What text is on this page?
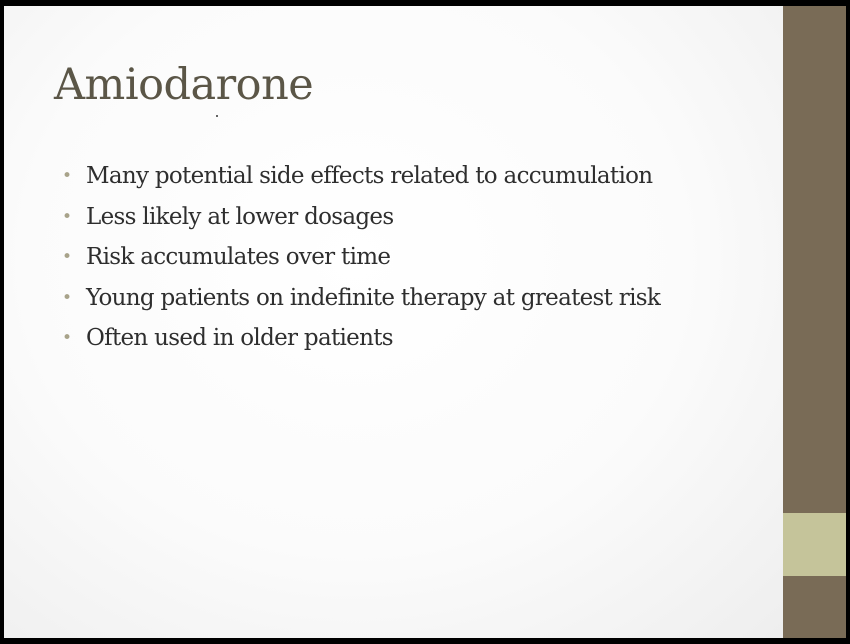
Amiodarone
• Many potential side effects related to accumulation
• Less likely at lower dosages
• Risk accumulates over time
• Young patients on indefinite therapy at greatest risk
• Often used in older patients
